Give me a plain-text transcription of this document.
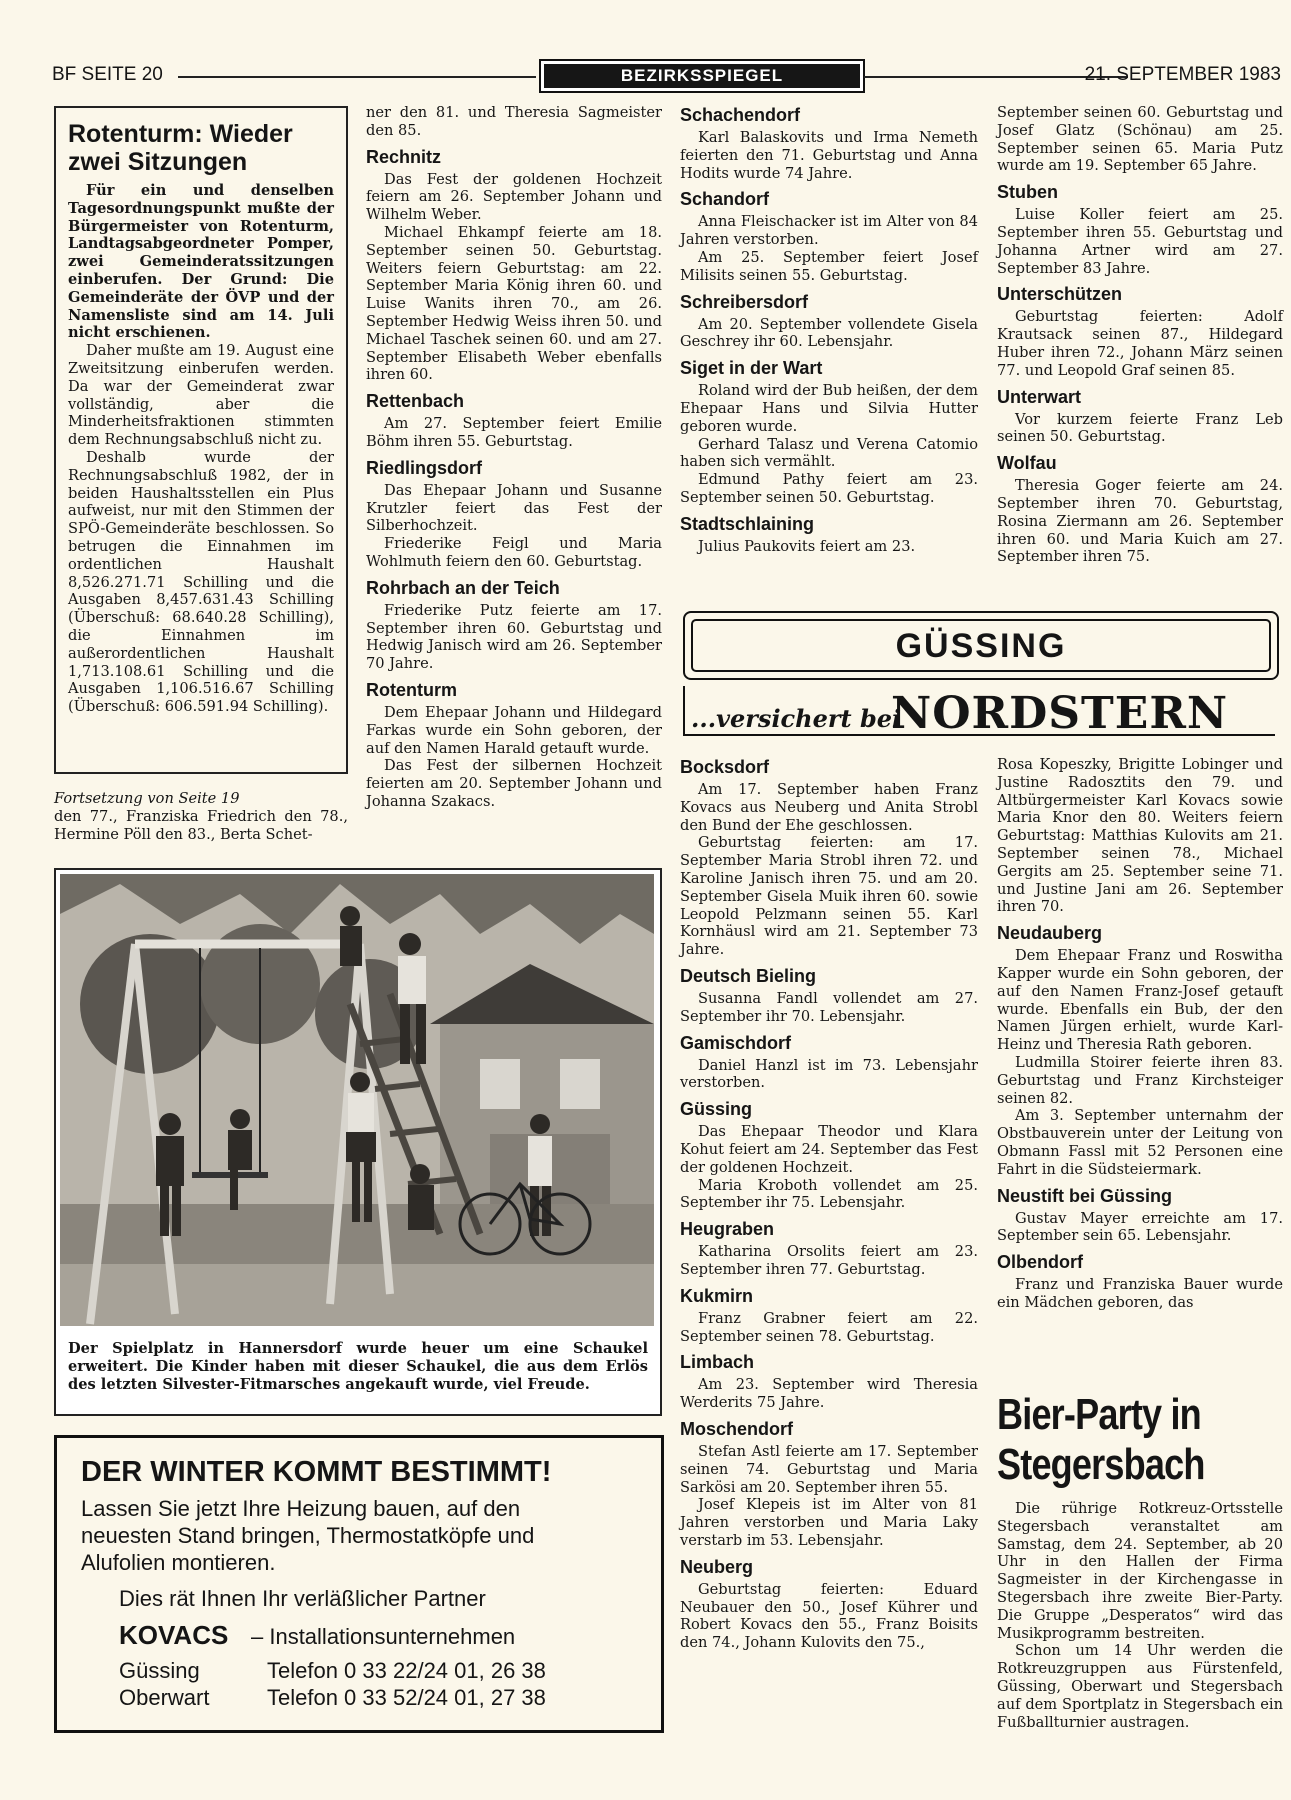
BF SEITE 20	BEZIRKSSPIEGEL	21. SEPTEMBER 1983
Rotenturm: Wieder
zwei Sitzungen

Für ein und denselben Tagesordnungspunkt mußte der Bürgermeister von Rotenturm, Landtagsabgeordneter Pomper, zwei Gemeinderatssitzungen einberufen. Der Grund: Die Gemeinderäte der ÖVP und der Namensliste sind am 14. Juli nicht erschienen.

Daher mußte am 19. August eine Zweitsitzung einberufen werden. Da war der Gemeinderat zwar vollständig, aber die Minderheitsfraktionen stimmten dem Rechnungsabschluß nicht zu.

Deshalb wurde der Rechnungsabschluß 1982, der in beiden Haushaltsstellen ein Plus aufweist, nur mit den Stimmen der SPÖ-Gemeinderäte beschlossen. So betrugen die Einnahmen im ordentlichen Haushalt 8,526.271.71 Schilling und die Ausgaben 8,457.631.43 Schilling (Überschuß: 68.640.28 Schilling), die Einnahmen im außerordentlichen Haushalt 1,713.108.61 Schilling und die Ausgaben 1,106.516.67 Schilling (Überschuß: 606.591.94 Schilling).

Fortsetzung von Seite 19

den 77., Franziska Friedrich den 78., Hermine Pöll den 83., Berta Schet-

ner den 81. und Theresia Sagmeister den 85.

Rechnitz

Das Fest der goldenen Hochzeit feiern am 26. September Johann und Wilhelm Weber.

Michael Ehkampf feierte am 18. September seinen 50. Geburtstag. Weiters feiern Geburtstag: am 22. September Maria König ihren 60. und Luise Wanits ihren 70., am 26. September Hedwig Weiss ihren 50. und Michael Taschek seinen 60. und am 27. September Elisabeth Weber ebenfalls ihren 60.

Rettenbach

Am 27. September feiert Emilie Böhm ihren 55. Geburtstag.

Riedlingsdorf

Das Ehepaar Johann und Susanne Krutzler feiert das Fest der Silberhochzeit.

Friederike Feigl und Maria Wohlmuth feiern den 60. Geburtstag.

Rohrbach an der Teich

Friederike Putz feierte am 17. September ihren 60. Geburtstag und Hedwig Janisch wird am 26. September 70 Jahre.

Rotenturm

Dem Ehepaar Johann und Hildegard Farkas wurde ein Sohn geboren, der auf den Namen Harald getauft wurde.

Das Fest der silbernen Hochzeit feierten am 20. September Johann und Johanna Szakacs.

Schachendorf

Karl Balaskovits und Irma Nemeth feierten den 71. Geburtstag und Anna Hodits wurde 74 Jahre.

Schandorf

Anna Fleischacker ist im Alter von 84 Jahren verstorben.

Am 25. September feiert Josef Milisits seinen 55. Geburtstag.

Schreibersdorf

Am 20. September vollendete Gisela Geschrey ihr 60. Lebensjahr.

Siget in der Wart

Roland wird der Bub heißen, der dem Ehepaar Hans und Silvia Hutter geboren wurde.

Gerhard Talasz und Verena Catomio haben sich vermählt.

Edmund Pathy feiert am 23. September seinen 50. Geburtstag.

Stadtschlaining

Julius Paukovits feiert am 23.

September seinen 60. Geburtstag und Josef Glatz (Schönau) am 25. September seinen 65. Maria Putz wurde am 19. September 65 Jahre.

Stuben

Luise Koller feiert am 25. September ihren 55. Geburtstag und Johanna Artner wird am 27. September 83 Jahre.

Unterschützen

Geburtstag feierten: Adolf Krautsack seinen 87., Hildegard Huber ihren 72., Johann März seinen 77. und Leopold Graf seinen 85.

Unterwart

Vor kurzem feierte Franz Leb seinen 50. Geburtstag.

Wolfau

Theresia Goger feierte am 24. September ihren 70. Geburtstag, Rosina Ziermann am 26. September ihren 60. und Maria Kuich am 27. September ihren 75.

GÜSSING
...versichert bei
NORDSTERN
Bocksdorf

Am 17. September haben Franz Kovacs aus Neuberg und Anita Strobl den Bund der Ehe geschlossen.

Geburtstag feierten: am 17. September Maria Strobl ihren 72. und Karoline Janisch ihren 75. und am 20. September Gisela Muik ihren 60. sowie Leopold Pelzmann seinen 55. Karl Kornhäusl wird am 21. September 73 Jahre.

Deutsch Bieling

Susanna Fandl vollendet am 27. September ihr 70. Lebensjahr.

Gamischdorf

Daniel Hanzl ist im 73. Lebensjahr verstorben.

Güssing

Das Ehepaar Theodor und Klara Kohut feiert am 24. September das Fest der goldenen Hochzeit.

Maria Kroboth vollendet am 25. September ihr 75. Lebensjahr.

Heugraben

Katharina Orsolits feiert am 23. September ihren 77. Geburtstag.

Kukmirn

Franz Grabner feiert am 22. September seinen 78. Geburtstag.

Limbach

Am 23. September wird Theresia Werderits 75 Jahre.

Moschendorf

Stefan Astl feierte am 17. September seinen 74. Geburtstag und Maria Sarkösi am 20. September ihren 55.

Josef Klepeis ist im Alter von 81 Jahren verstorben und Maria Laky verstarb im 53. Lebensjahr.

Neuberg

Geburtstag feierten: Eduard Neubauer den 50., Josef Kührer und Robert Kovacs den 55., Franz Boisits den 74., Johann Kulovits den 75.,

Rosa Kopeszky, Brigitte Lobinger und Justine Radosztits den 79. und Altbürgermeister Karl Kovacs sowie Maria Knor den 80. Weiters feiern Geburtstag: Matthias Kulovits am 21. September seinen 78., Michael Gergits am 25. September seine 71. und Justine Jani am 26. September ihren 70.

Neudauberg

Dem Ehepaar Franz und Roswitha Kapper wurde ein Sohn geboren, der auf den Namen Franz-Josef getauft wurde. Ebenfalls ein Bub, der den Namen Jürgen erhielt, wurde Karl-Heinz und Theresia Rath geboren.

Ludmilla Stoirer feierte ihren 83. Geburtstag und Franz Kirchsteiger seinen 82.

Am 3. September unternahm der Obstbauverein unter der Leitung von Obmann Fassl mit 52 Personen eine Fahrt in die Südsteiermark.

Neustift bei Güssing

Gustav Mayer erreichte am 17. September sein 65. Lebensjahr.

Olbendorf

Franz und Franziska Bauer wurde ein Mädchen geboren, das

Bier-Party in
Stegersbach

Die rührige Rotkreuz-Ortsstelle Stegersbach veranstaltet am Samstag, dem 24. September, ab 20 Uhr in den Hallen der Firma Sagmeister in der Kirchengasse in Stegersbach ihre zweite Bier-Party. Die Gruppe „Desperatos“ wird das Musikprogramm bestreiten.

Schon um 14 Uhr werden die Rotkreuzgruppen aus Fürstenfeld, Güssing, Oberwart und Stegersbach auf dem Sportplatz in Stegersbach ein Fußballturnier austragen.

Der Spielplatz in Hannersdorf wurde heuer um eine Schaukel erweitert. Die Kinder haben mit dieser Schaukel, die aus dem Erlös des letzten Silvester-Fitmarsches angekauft wurde, viel Freude.
DER WINTER KOMMT BESTIMMT!
Lassen Sie jetzt Ihre Heizung bauen, auf den
neuesten Stand bringen, Thermostatköpfe und
Alufolien montieren.
Dies rät Ihnen Ihr verläßlicher Partner
KOVACS – Installationsunternehmen
Güssing	Telefon 0 33 22/24 01, 26 38
Oberwart	Telefon 0 33 52/24 01, 27 38
